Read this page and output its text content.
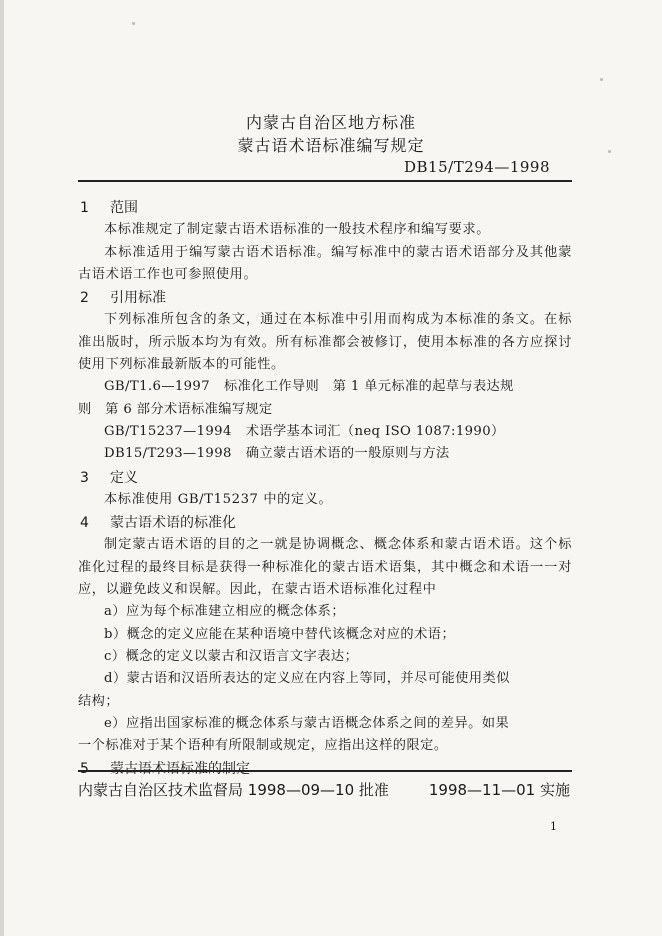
内蒙古自治区地方标准
蒙古语术语标准编写规定
DB15/T294—1998
1 范围

本标准规定了制定蒙古语术语标准的一般技术程序和编写要求。

本标准适用于编写蒙古语术语标准。编写标准中的蒙古语术语部分及其他蒙古语术语工作也可参照使用。

2 引用标准

下列标准所包含的条文，通过在本标准中引用而构成为本标准的条文。在标准出版时，所示版本均为有效。所有标准都会被修订，使用本标准的各方应探讨使用下列标准最新版本的可能性。

GB/T1.6—1997 标准化工作导则　第 1 单元标准的起草与表达规

则　第 6 部分术语标准编写规定

GB/T15237—1994 术语学基本词汇（neq ISO 1087:1990）

DB15/T293—1998 确立蒙古语术语的一般原则与方法

3 定义

本标准使用 GB/T15237 中的定义。

4 蒙古语术语的标准化

制定蒙古语术语的目的之一就是协调概念、概念体系和蒙古语术语。这个标准化过程的最终目标是获得一种标准化的蒙古语术语集，其中概念和术语一一对应，以避免歧义和误解。因此，在蒙古语术语标准化过程中

a）应为每个标准建立相应的概念体系；

b）概念的定义应能在某种语境中替代该概念对应的术语；

c）概念的定义以蒙古和汉语言文字表达；

d）蒙古语和汉语所表达的定义应在内容上等同，并尽可能使用类似

结构；

e）应指出国家标准的概念体系与蒙古语概念体系之间的差异。如果

一个标准对于某个语种有所限制或规定，应指出这样的限定。

5 蒙古语术语标准的制定
内蒙古自治区技术监督局 1998—09—10 批准	1998—11—01 实施
1
